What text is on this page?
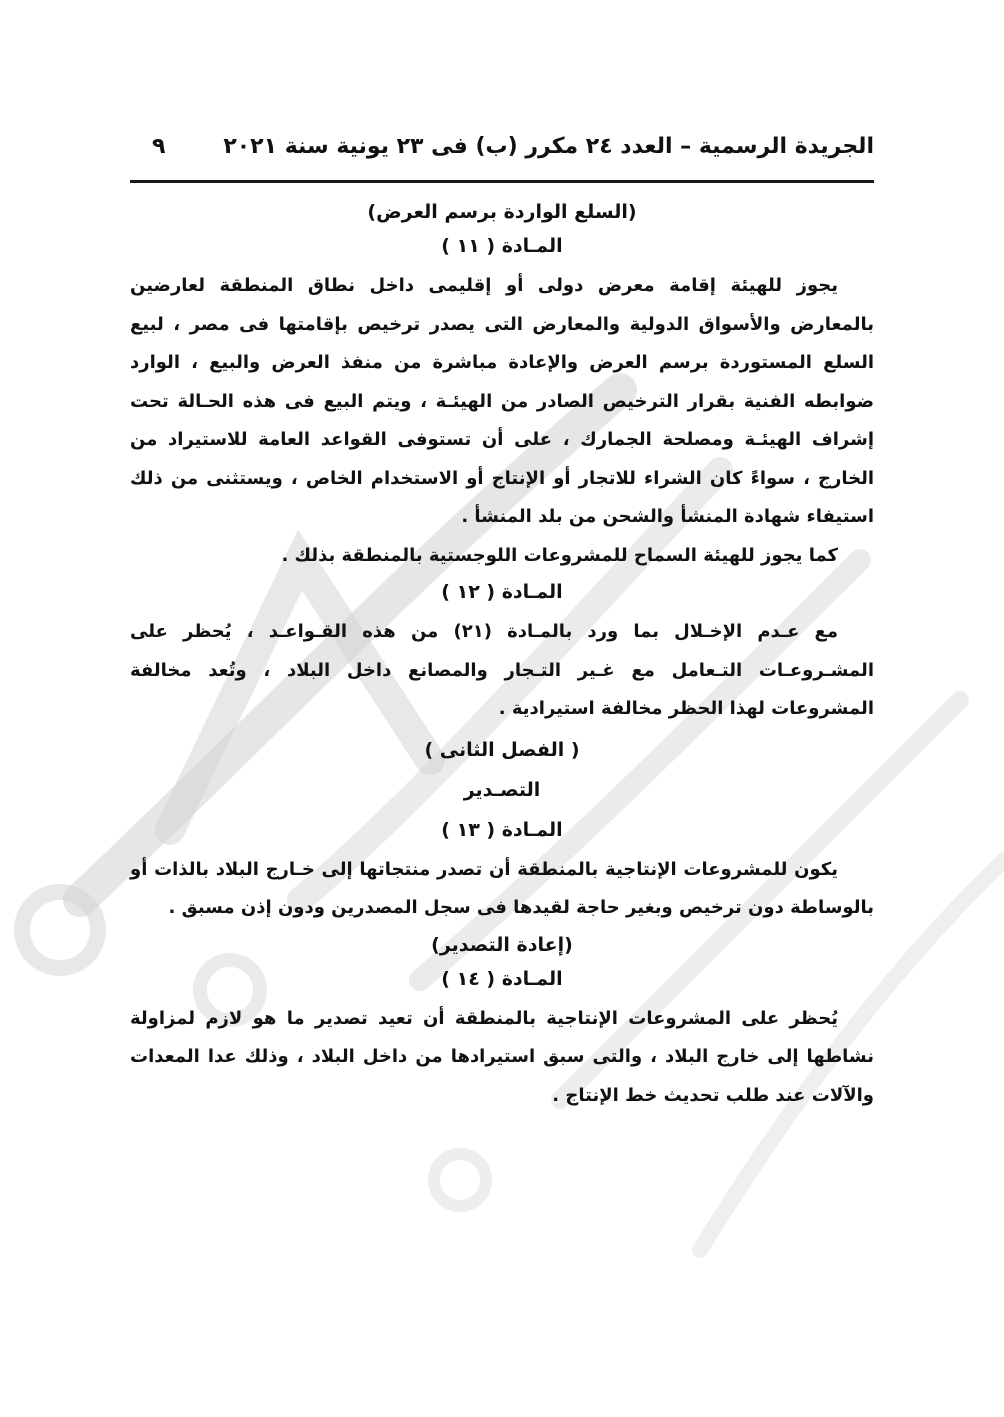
الجريدة الرسمية – العدد ٢٤ مكرر (ب) فى ٢٣ يونية سنة ٢٠٢١
٩
(السلع الواردة برسم العرض)
المـادة ( ١١ )

يجوز للهيئة إقامة معرض دولى أو إقليمى داخل نطاق المنطقة لعارضين بالمعارض والأسواق الدولية والمعارض التى يصدر ترخيص بإقامتها فى مصر ، لبيع السلع المستوردة برسم العرض والإعادة مباشرة من منفذ العرض والبيع ، الوارد ضوابطه الفنية بقرار الترخيص الصادر من الهيئـة ، ويتم البيع فى هذه الحـالة تحت إشراف الهيئـة ومصلحة الجمارك ، على أن تستوفى القواعد العامة للاستيراد من الخارج ، سواءً كان الشراء للاتجار أو الإنتاج أو الاستخدام الخاص ، ويستثنى من ذلك استيفاء شهادة المنشأ والشحن من بلد المنشأ .

كما يجوز للهيئة السماح للمشروعات اللوجستية بالمنطقة بذلك .

المـادة ( ١٢ )

مع عـدم الإخـلال بما ورد بالمـادة (٢١) من هذه القـواعـد ، يُحظر على المشـروعـات التـعامل مع غـير التـجار والمصانع داخل البلاد ، وتُعد مخالفة المشروعات لهذا الحظر مخالفة استيرادية .

( الفصل الثانى )
التصـدير
المـادة ( ١٣ )

يكون للمشروعات الإنتاجية بالمنطقة أن تصدر منتجاتها إلى خـارج البلاد بالذات أو بالوساطة دون ترخيص وبغير حاجة لقيدها فى سجل المصدرين ودون إذن مسبق .

(إعادة التصدير)
المـادة ( ١٤ )

يُحظر على المشروعات الإنتاجية بالمنطقة أن تعيد تصدير ما هو لازم لمزاولة نشاطها إلى خارج البلاد ، والتى سبق استيرادها من داخل البلاد ، وذلك عدا المعدات والآلات عند طلب تحديث خط الإنتاج .
